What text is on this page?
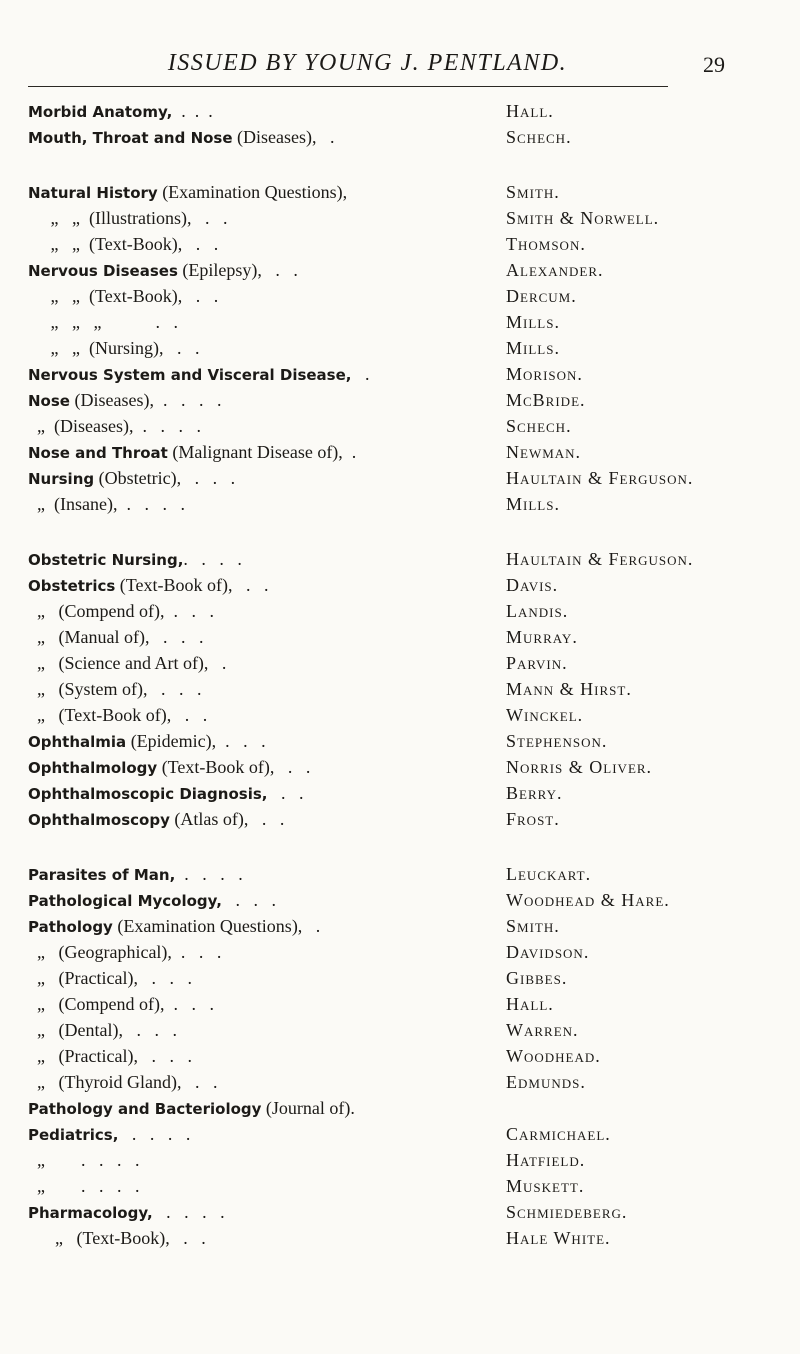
ISSUED BY YOUNG J. PENTLAND.	29
Morbid Anatomy,  .  .  .	Hall.
Mouth, Throat and Nose (Diseases),   .	Schech.
Natural History (Examination Questions),	Smith.
„   „  (Illustrations),   .   .	Smith & Norwell.
„   „  (Text-Book),   .   .	Thomson.
Nervous Diseases (Epilepsy),   .   .	Alexander.
„   „  (Text-Book),   .   .	Dercum.
„   „   „            .   .	Mills.
„   „  (Nursing),   .   .	Mills.
Nervous System and Visceral Disease,   .	Morison.
Nose (Diseases),  .   .   .   .	McBride.
„  (Diseases),  .   .   .   .	Schech.
Nose and Throat (Malignant Disease of),  .	Newman.
Nursing (Obstetric),   .   .   .	Haultain & Ferguson.
„  (Insane),  .   .   .   .	Mills.
Obstetric Nursing,.   .   .   .	Haultain & Ferguson.
Obstetrics (Text-Book of),   .   .	Davis.
„   (Compend of),  .   .   .	Landis.
„   (Manual of),   .   .   .	Murray.
„   (Science and Art of),   .	Parvin.
„   (System of),   .   .   .	Mann & Hirst.
„   (Text-Book of),   .   .	Winckel.
Ophthalmia (Epidemic),  .   .   .	Stephenson.
Ophthalmology (Text-Book of),   .   .	Norris & Oliver.
Ophthalmoscopic Diagnosis,   .   .	Berry.
Ophthalmoscopy (Atlas of),   .   .	Frost.
Parasites of Man,  .   .   .   .	Leuckart.
Pathological Mycology,   .   .   .	Woodhead & Hare.
Pathology (Examination Questions),   .	Smith.
„   (Geographical),  .   .   .	Davidson.
„   (Practical),   .   .   .	Gibbes.
„   (Compend of),  .   .   .	Hall.
„   (Dental),   .   .   .	Warren.
„   (Practical),   .   .   .	Woodhead.
„   (Thyroid Gland),   .   .	Edmunds.
Pathology and Bacteriology (Journal of).
Pediatrics,   .   .   .   .	Carmichael.
„        .   .   .   .	Hatfield.
„        .   .   .   .	Muskett.
Pharmacology,   .   .   .   .	Schmiedeberg.
„   (Text-Book),   .   .	Hale White.
